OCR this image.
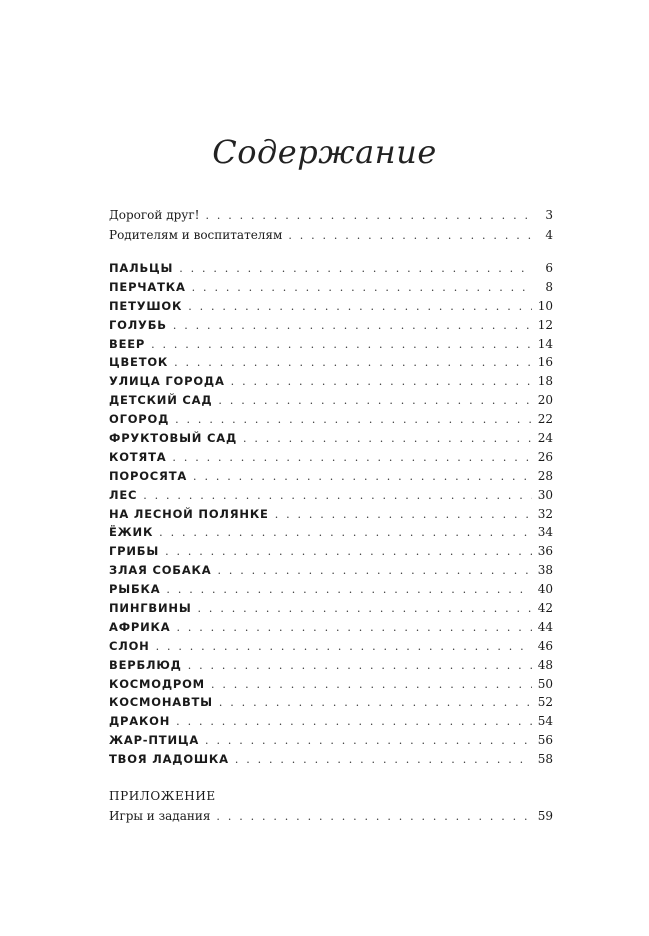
Содержание
Дорогой друг! . . .	3
Родителям и воспитателям . . .	4
ПАЛЬЦЫ . . .	6
ПЕРЧАТКА . . .	8
ПЕТУШОК . . .	10
ГОЛУБЬ . . .	12
ВЕЕР . . .	14
ЦВЕТОК . . .	16
УЛИЦА ГОРОДА . . .	18
ДЕТСКИЙ САД . . .	20
ОГОРОД . . .	22
ФРУКТОВЫЙ САД . . .	24
КОТЯТА . . .	26
ПОРОСЯТА . . .	28
ЛЕС . . .	30
НА ЛЕСНОЙ ПОЛЯНКЕ . . .	32
ЁЖИК . . .	34
ГРИБЫ . . .	36
ЗЛАЯ СОБАКА . . .	38
РЫБКА . . .	40
ПИНГВИНЫ . . .	42
АФРИКА . . .	44
СЛОН . . .	46
ВЕРБЛЮД . . .	48
КОСМОДРОМ . . .	50
КОСМОНАВТЫ . . .	52
ДРАКОН . . .	54
ЖАР-ПТИЦА . . .	56
ТВОЯ ЛАДОШКА . . .	58
ПРИЛОЖЕНИЕ
Игры и задания . . .	59
